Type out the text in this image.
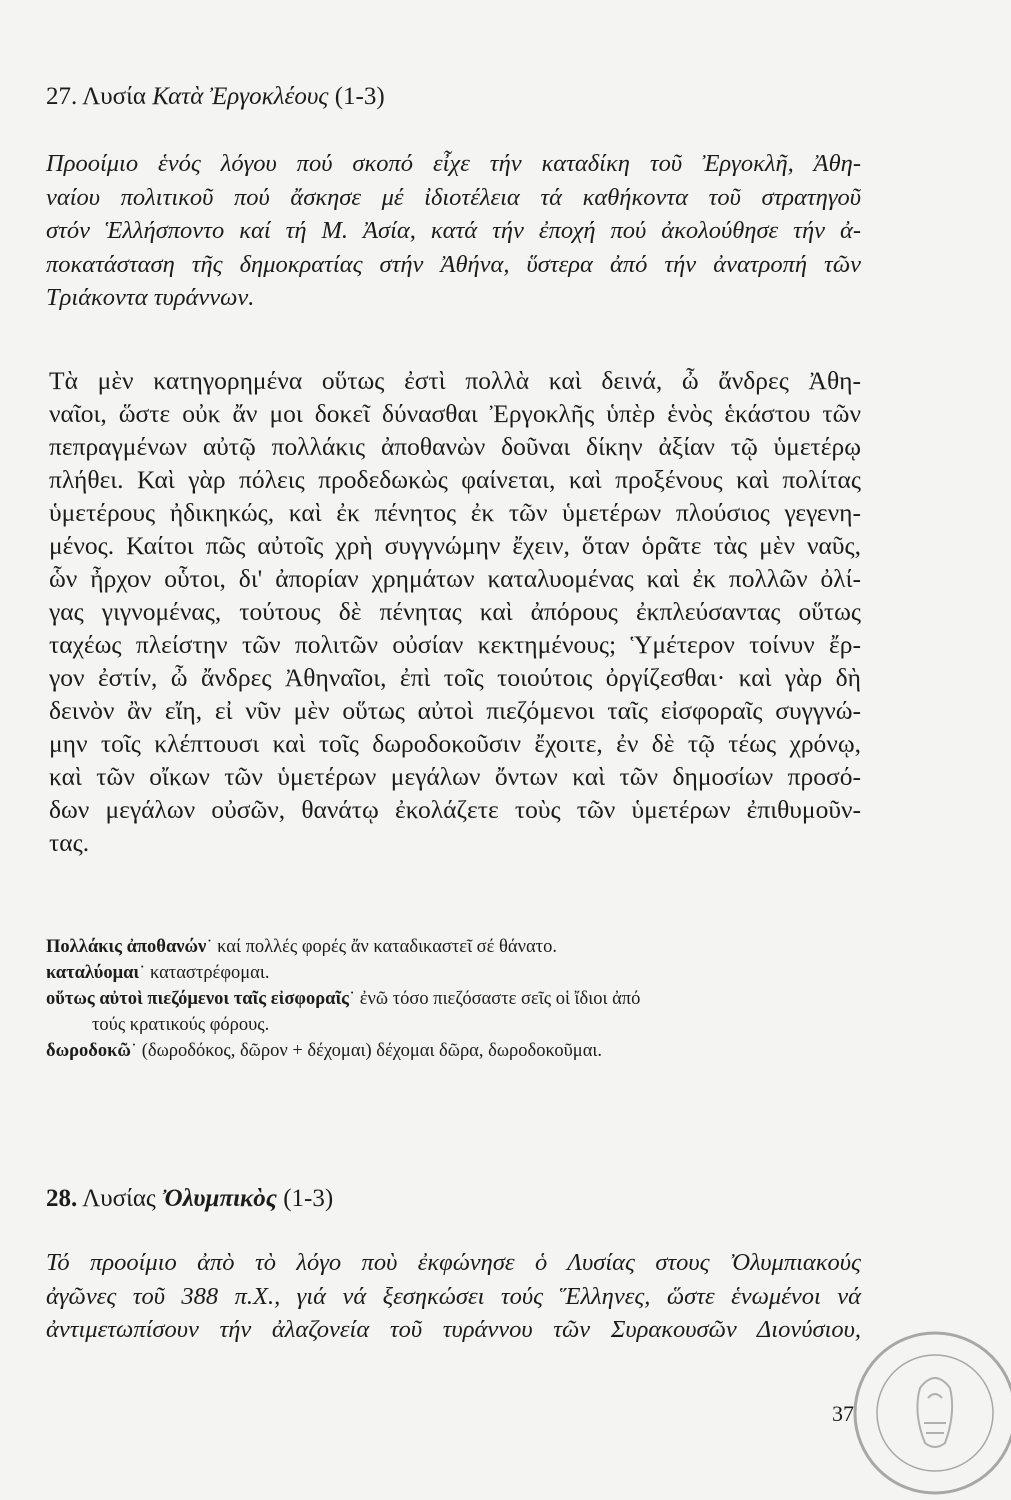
27. Λυσία Κατὰ Ἐργοκλέους (1-3)
Προοίμιο ἑνός λόγου πού σκοπό εἶχε τήν καταδίκη τοῦ Ἐργοκλῆ, Ἀθη-
ναίου πολιτικοῦ πού ἄσκησε μέ ἰδιοτέλεια τά καθήκοντα τοῦ στρατηγοῦ
στόν Ἑλλήσποντο καί τή Μ. Ἀσία, κατά τήν ἐποχή πού ἀκολούθησε τήν ἀ-
ποκατάσταση τῆς δημοκρατίας στήν Ἀθήνα, ὕστερα ἀπό τήν ἀνατροπή τῶν
Τριάκοντα τυράννων.
Τὰ μὲν κατηγορημένα οὕτως ἐστὶ πολλὰ καὶ δεινά, ὦ ἄνδρες Ἀθη-
ναῖοι, ὥστε οὐκ ἄν μοι δοκεῖ δύνασθαι Ἐργοκλῆς ὑπὲρ ἑνὸς ἑκάστου τῶν
πεπραγμένων αὐτῷ πολλάκις ἀποθανὼν δοῦναι δίκην ἀξίαν τῷ ὑμετέρῳ
πλήθει. Καὶ γὰρ πόλεις προδεδωκὼς φαίνεται, καὶ προξένους καὶ πολίτας
ὑμετέρους ἠδικηκώς, καὶ ἐκ πένητος ἐκ τῶν ὑμετέρων πλούσιος γεγενη-
μένος. Καίτοι πῶς αὐτοῖς χρὴ συγγνώμην ἔχειν, ὅταν ὁρᾶτε τὰς μὲν ναῦς,
ὧν ἦρχον οὗτοι, δι' ἀπορίαν χρημάτων καταλυομένας καὶ ἐκ πολλῶν ὀλί-
γας γιγνομένας, τούτους δὲ πένητας καὶ ἀπόρους ἐκπλεύσαντας οὕτως
ταχέως πλείστην τῶν πολιτῶν οὐσίαν κεκτημένους; Ὑμέτερον τοίνυν ἔρ-
γον ἐστίν, ὦ ἄνδρες Ἀθηναῖοι, ἐπὶ τοῖς τοιούτοις ὀργίζεσθαι· καὶ γὰρ δὴ
δεινὸν ἂν εἴη, εἰ νῦν μὲν οὕτως αὐτοὶ πιεζόμενοι ταῖς εἰσφοραῖς συγγνώ-
μην τοῖς κλέπτουσι καὶ τοῖς δωροδοκοῦσιν ἔχοιτε, ἐν δὲ τῷ τέως χρόνῳ,
καὶ τῶν οἴκων τῶν ὑμετέρων μεγάλων ὄντων καὶ τῶν δημοσίων προσό-
δων μεγάλων οὐσῶν, θανάτῳ ἐκολάζετε τοὺς τῶν ὑμετέρων ἐπιθυμοῦν-
τας.
Πολλάκις ἀποθανών˙ καί πολλές φορές ἄν καταδικαστεῖ σέ θάνατο.
καταλύομαι˙ καταστρέφομαι.
οὕτως αὐτοὶ πιεζόμενοι ταῖς εἰσφοραῖς˙ ἐνῶ τόσο πιεζόσαστε σεῖς οἱ ἴδιοι ἀπό
τούς κρατικούς φόρους.
δωροδοκῶ˙ (δωροδόκος, δῶρον + δέχομαι) δέχομαι δῶρα, δωροδοκοῦμαι.
28. Λυσίας Ὀλυμπικὸς (1-3)
Τό προοίμιο ἀπὸ τὸ λόγο ποὺ ἐκφώνησε ὁ Λυσίας στους Ὀλυμπιακούς
ἀγῶνες τοῦ 388 π.Χ., γιά νά ξεσηκώσει τούς Ἕλληνες, ὥστε ἑνωμένοι νά
ἀντιμετωπίσουν τήν ἀλαζονεία τοῦ τυράννου τῶν Συρακουσῶν Διονύσιου,
37
